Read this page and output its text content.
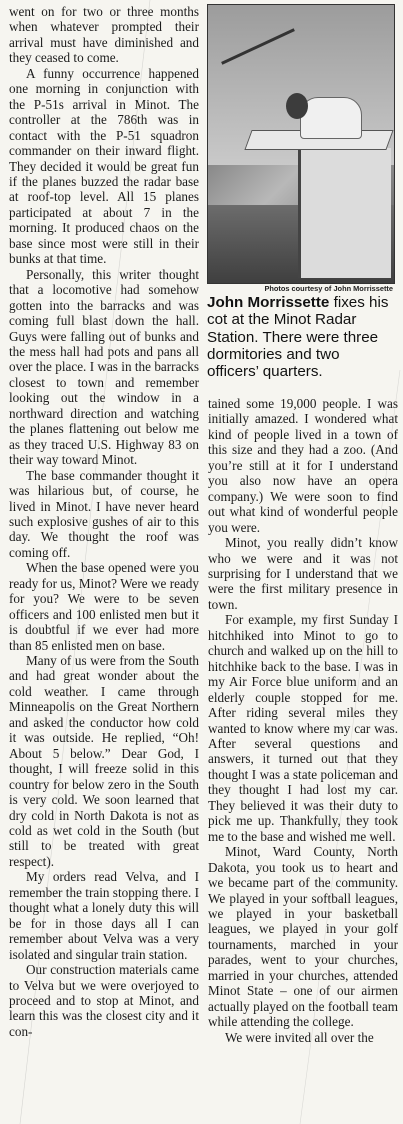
went on for two or three months when whatever prompted their arrival must have diminished and they ceased to come.

A funny occurrence happened one morning in conjunction with the P-51s arrival in Minot. The controller at the 786th was in contact with the P-51 squadron commander on their inward flight. They decided it would be great fun if the planes buzzed the radar base at roof-top level. All 15 planes participated at about 7 in the morning. It produced chaos on the base since most were still in their bunks at that time.

Personally, this writer thought that a locomotive had somehow gotten into the barracks and was coming full blast down the hall. Guys were falling out of bunks and the mess hall had pots and pans all over the place. I was in the barracks closest to town and remember looking out the window in a northward direction and watching the planes flattening out below me as they traced U.S. Highway 83 on their way toward Minot.

The base commander thought it was hilarious but, of course, he lived in Minot. I have never heard such explosive gushes of air to this day. We thought the roof was coming off.

When the base opened were you ready for us, Minot? Were we ready for you? We were to be seven officers and 100 enlisted men but it is doubtful if we ever had more than 85 enlisted men on base.

Many of us were from the South and had great wonder about the cold weather. I came through Minneapolis on the Great Northern and asked the conductor how cold it was outside. He replied, “Oh! About 5 below.” Dear God, I thought, I will freeze solid in this country for below zero in the South is very cold. We soon learned that dry cold in North Dakota is not as cold as wet cold in the South (but still to be treated with great respect).

My orders read Velva, and I remember the train stopping there. I thought what a lonely duty this will be for in those days all I can remember about Velva was a very isolated and singular train station.

Our construction materials came to Velva but we were overjoyed to proceed and to stop at Minot, and learn this was the closest city and it con-

Photos courtesy of John Morrissette
John Morrissette fixes his cot at the Minot Radar Station. There were three dormitories and two officers’ quarters.

tained some 19,000 people. I was initially amazed. I wondered what kind of people lived in a town of this size and they had a zoo. (And you’re still at it for I understand you also now have an opera company.) We were soon to find out what kind of wonderful people you were.

Minot, you really didn’t know who we were and it was not surprising for I understand that we were the first military presence in town.

For example, my first Sunday I hitchhiked into Minot to go to church and walked up on the hill to hitchhike back to the base. I was in my Air Force blue uniform and an elderly couple stopped for me. After riding several miles they wanted to know where my car was. After several questions and answers, it turned out that they thought I was a state policeman and they thought I had lost my car. They believed it was their duty to pick me up. Thankfully, they took me to the base and wished me well.

Minot, Ward County, North Dakota, you took us to heart and we became part of the community. We played in your softball leagues, we played in your basketball leagues, we played in your golf tournaments, marched in your parades, went to your churches, married in your churches, attended Minot State – one of our airmen actually played on the football team while attending the college.

We were invited all over the
